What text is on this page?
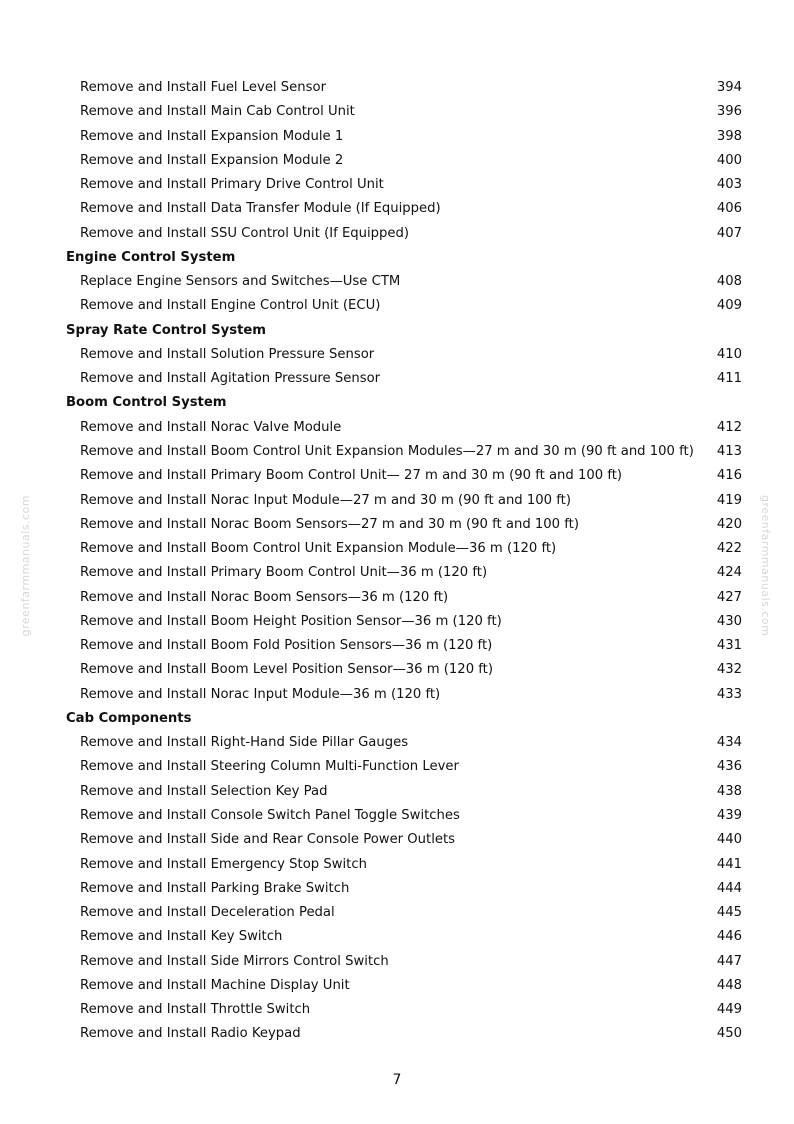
greenfarmmanuals.com	greenfarmmanuals.com
Remove and Install Fuel Level Sensor	394
Remove and Install Main Cab Control Unit	396
Remove and Install Expansion Module 1	398
Remove and Install Expansion Module 2	400
Remove and Install Primary Drive Control Unit	403
Remove and Install Data Transfer Module (If Equipped)	406
Remove and Install SSU Control Unit (If Equipped)	407
Engine Control System
Replace Engine Sensors and Switches—Use CTM	408
Remove and Install Engine Control Unit (ECU)	409
Spray Rate Control System
Remove and Install Solution Pressure Sensor	410
Remove and Install Agitation Pressure Sensor	411
Boom Control System
Remove and Install Norac Valve Module	412
Remove and Install Boom Control Unit Expansion Modules—27 m and 30 m (90 ft and 100 ft) 413
Remove and Install Primary Boom Control Unit— 27 m and 30 m (90 ft and 100 ft)	416
Remove and Install Norac Input Module—27 m and 30 m (90 ft and 100 ft)	419
Remove and Install Norac Boom Sensors—27 m and 30 m (90 ft and 100 ft)	420
Remove and Install Boom Control Unit Expansion Module—36 m (120 ft)	422
Remove and Install Primary Boom Control Unit—36 m (120 ft)	424
Remove and Install Norac Boom Sensors—36 m (120 ft)	427
Remove and Install Boom Height Position Sensor—36 m (120 ft)	430
Remove and Install Boom Fold Position Sensors—36 m (120 ft)	431
Remove and Install Boom Level Position Sensor—36 m (120 ft)	432
Remove and Install Norac Input Module—36 m (120 ft)	433
Cab Components
Remove and Install Right-Hand Side Pillar Gauges	434
Remove and Install Steering Column Multi-Function Lever	436
Remove and Install Selection Key Pad	438
Remove and Install Console Switch Panel Toggle Switches	439
Remove and Install Side and Rear Console Power Outlets	440
Remove and Install Emergency Stop Switch	441
Remove and Install Parking Brake Switch	444
Remove and Install Deceleration Pedal	445
Remove and Install Key Switch	446
Remove and Install Side Mirrors Control Switch	447
Remove and Install Machine Display Unit	448
Remove and Install Throttle Switch	449
Remove and Install Radio Keypad	450
7
